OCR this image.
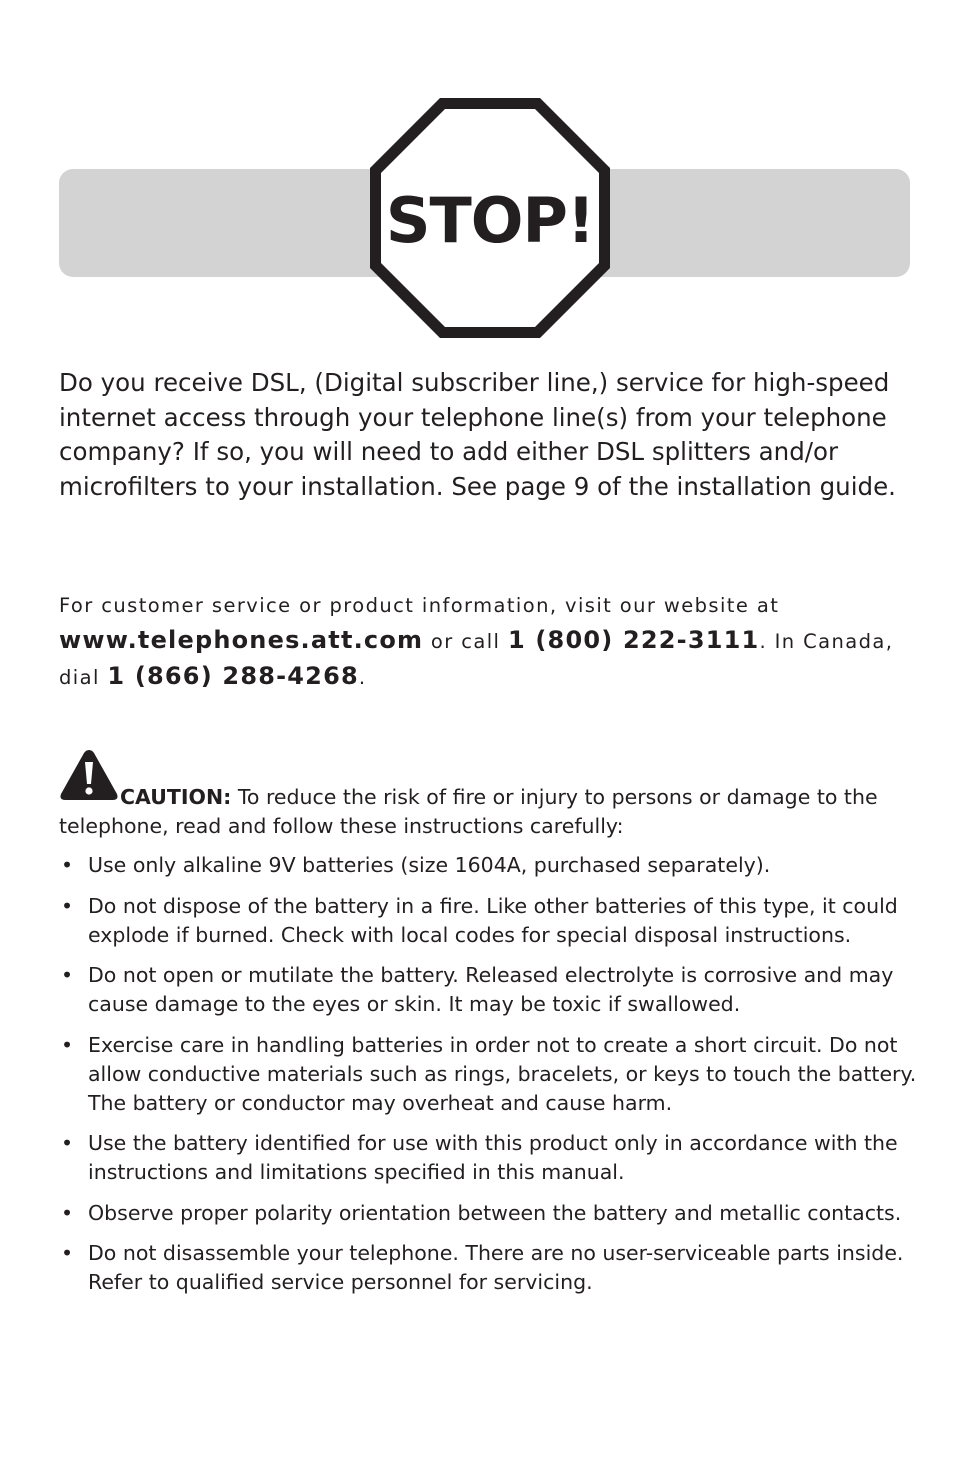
STOP!

Do you receive DSL, (Digital subscriber line,) service for high-speed internet access through your telephone line(s) from your telephone company? If so, you will need to add either DSL splitters and/or microfilters to your installation. See page 9 of the installation guide.

For customer service or product information, visit our website at
www.telephones.att.com or call 1 (800) 222-3111. In Canada, dial 1 (866) 288-4268.

CAUTION: To reduce the risk of fire or injury to persons or damage to the telephone, read and follow these instructions carefully:

• Use only alkaline 9V batteries (size 1604A, purchased separately).
• Do not dispose of the battery in a fire. Like other batteries of this type, it could explode if burned. Check with local codes for special disposal instructions.
• Do not open or mutilate the battery. Released electrolyte is corrosive and may cause damage to the eyes or skin. It may be toxic if swallowed.
• Exercise care in handling batteries in order not to create a short circuit. Do not allow conductive materials such as rings, bracelets, or keys to touch the battery. The battery or conductor may overheat and cause harm.
• Use the battery identified for use with this product only in accordance with the instructions and limitations specified in this manual.
• Observe proper polarity orientation between the battery and metallic contacts.
• Do not disassemble your telephone. There are no user-serviceable parts inside. Refer to qualified service personnel for servicing.
